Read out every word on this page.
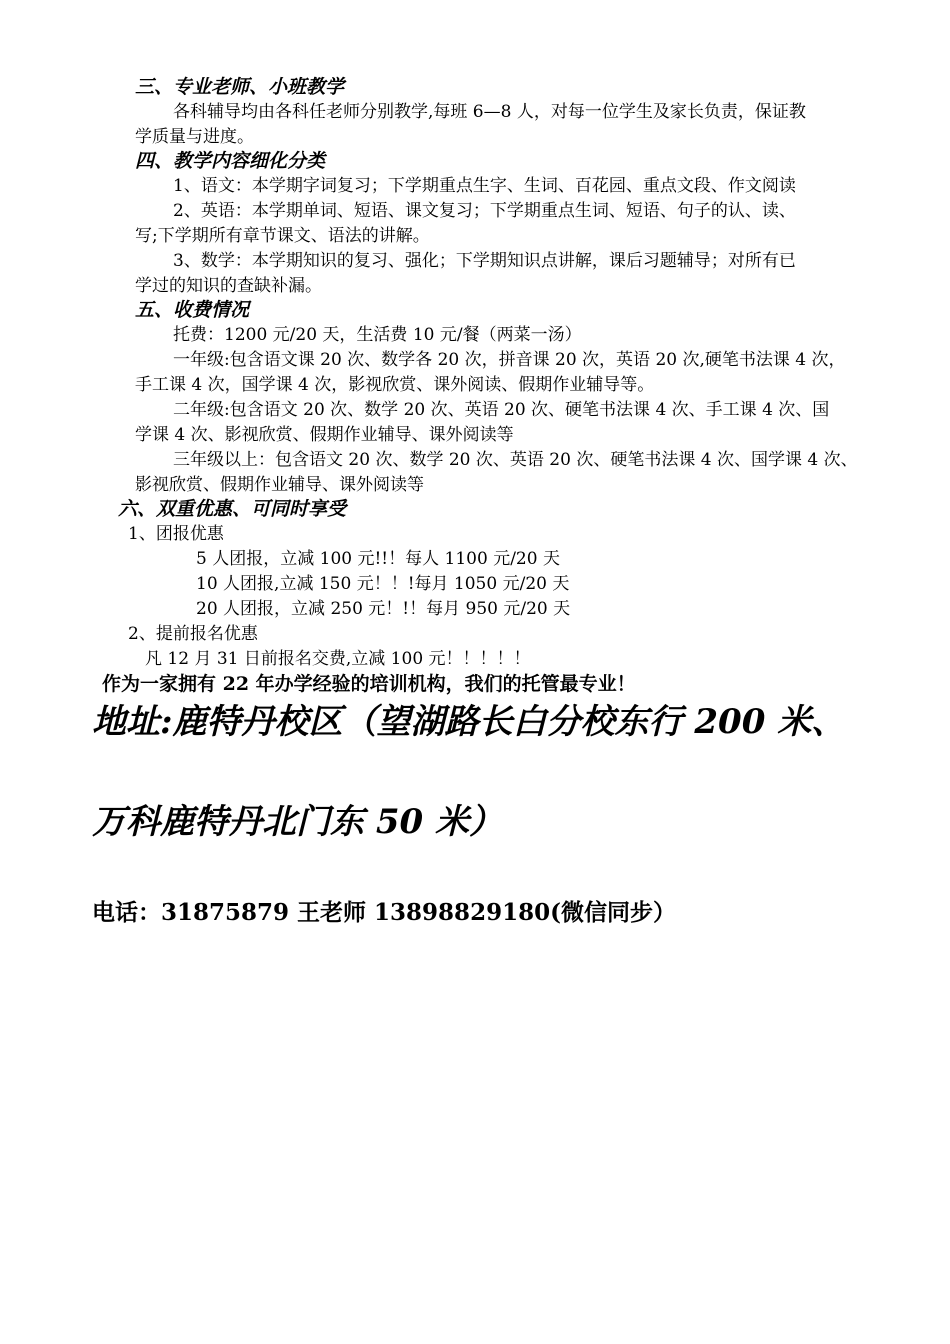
三、专业老师、小班教学
各科辅导均由各科任老师分别教学,每班 6—8 人，对每一位学生及家长负责，保证教
学质量与进度。
四、教学内容细化分类
1、语文：本学期字词复习；下学期重点生字、生词、百花园、重点文段、作文阅读
2、英语：本学期单词、短语、课文复习；下学期重点生词、短语、句子的认、读、
写;下学期所有章节课文、语法的讲解。
3、数学：本学期知识的复习、强化；下学期知识点讲解，课后习题辅导；对所有已
学过的知识的查缺补漏。
五、收费情况
托费：1200 元/20 天，生活费 10 元/餐（两菜一汤）
一年级:包含语文课 20 次、数学各 20 次，拼音课 20 次，英语 20 次,硬笔书法课 4 次，
手工课 4 次，国学课 4 次，影视欣赏、课外阅读、假期作业辅导等。
二年级:包含语文 20 次、数学 20 次、英语 20 次、硬笔书法课 4 次、手工课 4 次、国
学课 4 次、影视欣赏、假期作业辅导、课外阅读等
三年级以上：包含语文 20 次、数学 20 次、英语 20 次、硬笔书法课 4 次、国学课 4 次、
影视欣赏、假期作业辅导、课外阅读等
六、双重优惠、可同时享受
1、团报优惠
5 人团报，立减 100 元!!！每人 1100 元/20 天
10 人团报,立减 150 元！！!每月 1050 元/20 天
20 人团报，立减 250 元！!！每月 950 元/20 天
2、提前报名优惠
凡 12 月 31 日前报名交费,立减 100 元！！！！！
作为一家拥有 22 年办学经验的培训机构，我们的托管最专业！
地址:鹿特丹校区（望湖路长白分校东行 200 米、
万科鹿特丹北门东 50 米）
电话：31875879 王老师 13898829180(微信同步）
